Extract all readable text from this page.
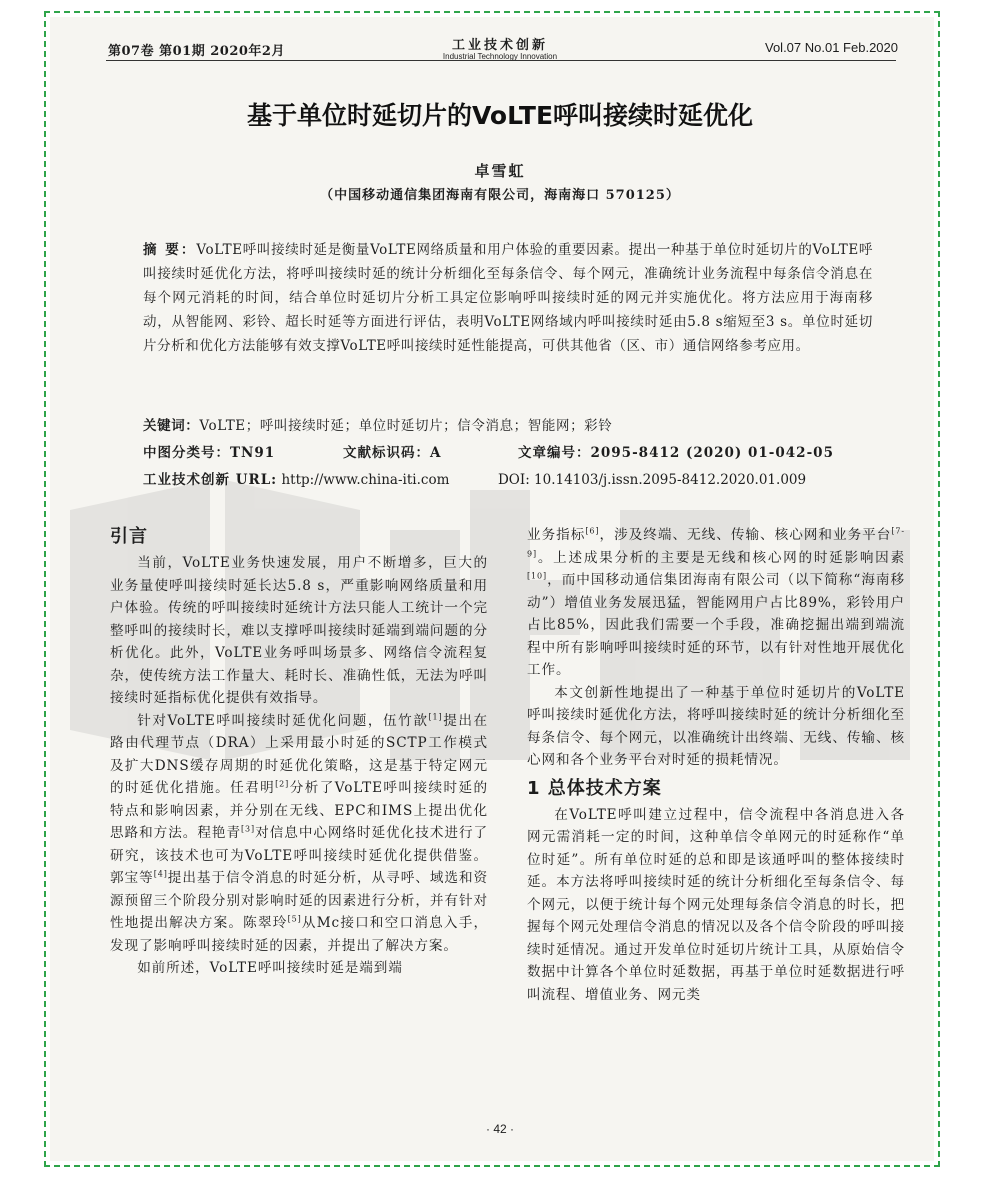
第07卷 第01期 2020年2月	工业技术创新
Industrial Technology Innovation
Vol.07 No.01 Feb.2020
基于单位时延切片的VoLTE呼叫接续时延优化
卓雪虹
（中国移动通信集团海南有限公司，海南海口 570125）
摘 要：VoLTE呼叫接续时延是衡量VoLTE网络质量和用户体验的重要因素。提出一种基于单位时延切片的VoLTE呼叫接续时延优化方法，将呼叫接续时延的统计分析细化至每条信令、每个网元，准确统计业务流程中每条信令消息在每个网元消耗的时间，结合单位时延切片分析工具定位影响呼叫接续时延的网元并实施优化。将方法应用于海南移动，从智能网、彩铃、超长时延等方面进行评估，表明VoLTE网络域内呼叫接续时延由5.8 s缩短至3 s。单位时延切片分析和优化方法能够有效支撑VoLTE呼叫接续时延性能提高，可供其他省（区、市）通信网络参考应用。
关键词：VoLTE；呼叫接续时延；单位时延切片；信令消息；智能网；彩铃
中图分类号：TN91	文献标识码：A	文章编号：2095-8412 (2020) 01-042-05
工业技术创新 URL: http://www.china-iti.com	DOI: 10.14103/j.issn.2095-8412.2020.01.009
引言

当前，VoLTE业务快速发展，用户不断增多，巨大的业务量使呼叫接续时延长达5.8 s，严重影响网络质量和用户体验。传统的呼叫接续时延统计方法只能人工统计一个完整呼叫的接续时长，难以支撑呼叫接续时延端到端问题的分析优化。此外，VoLTE业务呼叫场景多、网络信令流程复杂，使传统方法工作量大、耗时长、准确性低，无法为呼叫接续时延指标优化提供有效指导。

针对VoLTE呼叫接续时延优化问题，伍竹歆[1]提出在路由代理节点（DRA）上采用最小时延的SCTP工作模式及扩大DNS缓存周期的时延优化策略，这是基于特定网元的时延优化措施。任君明[2]分析了VoLTE呼叫接续时延的特点和影响因素，并分别在无线、EPC和IMS上提出优化思路和方法。程艳青[3]对信息中心网络时延优化技术进行了研究，该技术也可为VoLTE呼叫接续时延优化提供借鉴。郭宝等[4]提出基于信令消息的时延分析，从寻呼、域选和资源预留三个阶段分别对影响时延的因素进行分析，并有针对性地提出解决方案。陈翠玲[5]从Mc接口和空口消息入手，发现了影响呼叫接续时延的因素，并提出了解决方案。

如前所述，VoLTE呼叫接续时延是端到端

业务指标[6]，涉及终端、无线、传输、核心网和业务平台[7-9]。上述成果分析的主要是无线和核心网的时延影响因素[10]，而中国移动通信集团海南有限公司（以下简称“海南移动”）增值业务发展迅猛，智能网用户占比89%，彩铃用户占比85%，因此我们需要一个手段，准确挖掘出端到端流程中所有影响呼叫接续时延的环节，以有针对性地开展优化工作。

本文创新性地提出了一种基于单位时延切片的VoLTE呼叫接续时延优化方法，将呼叫接续时延的统计分析细化至每条信令、每个网元，以准确统计出终端、无线、传输、核心网和各个业务平台对时延的损耗情况。

1 总体技术方案

在VoLTE呼叫建立过程中，信令流程中各消息进入各网元需消耗一定的时间，这种单信令单网元的时延称作“单位时延”。所有单位时延的总和即是该通呼叫的整体接续时延。本方法将呼叫接续时延的统计分析细化至每条信令、每个网元，以便于统计每个网元处理每条信令消息的时长，把握每个网元处理信令消息的情况以及各个信令阶段的呼叫接续时延情况。通过开发单位时延切片统计工具，从原始信令数据中计算各个单位时延数据，再基于单位时延数据进行呼叫流程、增值业务、网元类

· 42 ·
